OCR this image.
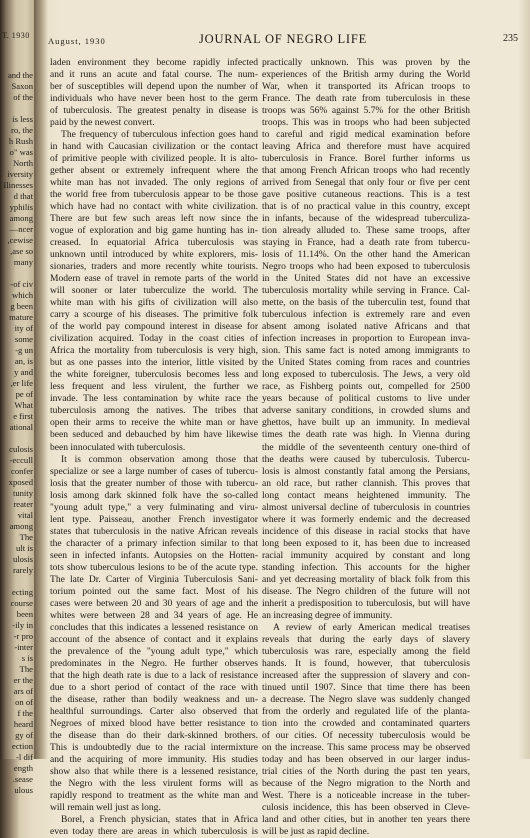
T. 1930
and the
Saxon
of the
is less
ro, the
h Rush
o" was
North
iversity
Ilinesses
d that
yphilis
among
ncer—
cewise,
ase so,
many
of civ-
which
g been
mature
ity of
some
g un-
an, is
y and
er life,
pe of
What
e first
ational
culosis
eccull-
confer
xposed
tunity
reater
vital
among
The
ult is
ulosis
rarely
ecting
course
been
ily in-
r pro-
inter-
s is
The
er the
ars of
on of
f the
heard
gy of
ection
l dif-
ength
sease.
ulous
August, 1930	JOURNAL OF NEGRO LIFE	235
laden environment they become rapidly infected
and it runs an acute and fatal course. The num-
ber of susceptibles will depend upon the number of
individuals who have never been host to the germ
of tuberculosis. The greatest penalty in disease is
paid by the newest convert.
The frequency of tuberculous infection goes hand
in hand with Caucasian civilization or the contact
of primitive people with civilized people. It is alto-
gether absent or extremely infrequent where the
white man has not invaded. The only regions of
the world free from tuberculosis appear to be those
which have had no contact with white civilization.
There are but few such areas left now since the
vogue of exploration and big game hunting has in-
creased. In equatorial Africa tuberculosis was
unknown until introduced by white explorers, mis-
sionaries, traders and more recently white tourists.
Modern ease of travel in remote parts of the world
will sooner or later tuberculize the world. The
white man with his gifts of civilization will also
carry a scourge of his diseases. The primitive folk
of the world pay compound interest in disease for
civilization acquired. Today in the coast cities of
Africa the mortality from tuberculosis is very high,
but as one passes into the interior, little visited by
the white foreigner, tuberculosis becomes less and
less frequent and less virulent, the further we
invade. The less contamination by white race the
tuberculosis among the natives. The tribes that
open their arms to receive the white man or have
been seduced and debauched by him have likewise
been innoculated with tuberculosis.
It is common observation among those that
specialize or see a large number of cases of tubercu-
losis that the greater number of those with tubercu-
losis among dark skinned folk have the so-called
"young adult type," a very fulminating and viru-
lent type. Paisseau, another French investigator
states that tuberculosis in the native African reveals
the character of a primary infection similar to that
seen in infected infants. Autopsies on the Hotten-
tots show tuberculous lesions to be of the acute type.
The late Dr. Carter of Virginia Tuberculosis Sani-
torium pointed out the same fact. Most of his
cases were between 20 and 30 years of age and the
whites were between 28 and 34 years of age. He
concludes that this indicates a lessened resistance on
account of the absence of contact and it explains
the prevalence of the "young adult type," which
predominates in the Negro. He further observes
that the high death rate is due to a lack of resistance
due to a short period of contact of the race with
the disease, rather than bodily weakness and un-
healthful surroundings. Carter also observed that
Negroes of mixed blood have better resistance to
the disease than do their dark-skinned brothers.
This is undoubtedly due to the racial intermixture
and the acquiring of more immunity. His studies
show also that while there is a lessened resistance,
the Negro with the less virulent forms will as
rapidly respond to treatment as the white man and
will remain well just as long.
Borel, a French physician, states that in Africa
even today there are areas in which tuberculosis is
practically unknown. This was proven by the
experiences of the British army during the World
War, when it transported its African troops to
France. The death rate from tuberculosis in these
troops was 56% against 5.7% for the other British
troops. This was in troops who had been subjected
to careful and rigid medical examination before
leaving Africa and therefore must have acquired
tuberculosis in France. Borel further informs us
that among French African troops who had recently
arrived from Senegal that only four or five per cent
gave positive cutaneous reactions. This is a test
that is of no practical value in this country, except
in infants, because of the widespread tuberculiza-
tion already alluded to. These same troops, after
staying in France, had a death rate from tubercu-
losis of 11.14%. On the other hand the American
Negro troops who had been exposed to tuberculosis
in the United States did not have an excessive
tuberculosis mortality while serving in France. Cal-
mette, on the basis of the tuberculin test, found that
tuberculous infection is extremely rare and even
absent among isolated native Africans and that
infection increases in proportion to European inva-
sion. This same fact is noted among immigrants to
the United States coming from races and countries
long exposed to tuberculosis. The Jews, a very old
race, as Fishberg points out, compelled for 2500
years because of political customs to live under
adverse sanitary conditions, in crowded slums and
ghettos, have built up an immunity. In medieval
times the death rate was high. In Vienna during
the middle of the seventeenth century one-third of
the deaths were caused by tuberculosis. Tubercu-
losis is almost constantly fatal among the Persians,
an old race, but rather clannish. This proves that
long contact means heightened immunity. The
almost universal decline of tuberculosis in countries
where it was formerly endemic and the decreased
incidence of this disease in racial stocks that have
long been exposed to it, has been due to increased
racial immunity acquired by constant and long
standing infection. This accounts for the higher
and yet decreasing mortality of black folk from this
disease. The Negro children of the future will not
inherit a predisposition to tuberculosis, but will have
an increasing degree of immunity.
A review of early American medical treatises
reveals that during the early days of slavery
tuberculosis was rare, especially among the field
hands. It is found, however, that tuberculosis
increased after the suppression of slavery and con-
tinued until 1907. Since that time there has been
a decrease. The Negro slave was suddenly changed
from the orderly and regulated life of the planta-
tion into the crowded and contaminated quarters
of our cities. Of necessity tuberculosis would be
on the increase. This same process may be observed
today and has been observed in our larger indus-
trial cities of the North during the past ten years,
because of the Negro migration to the North and
West. There is a noticeable increase in the tuber-
culosis incidence, this has been observed in Cleve-
land and other cities, but in another ten years there
will be just as rapid decline.
